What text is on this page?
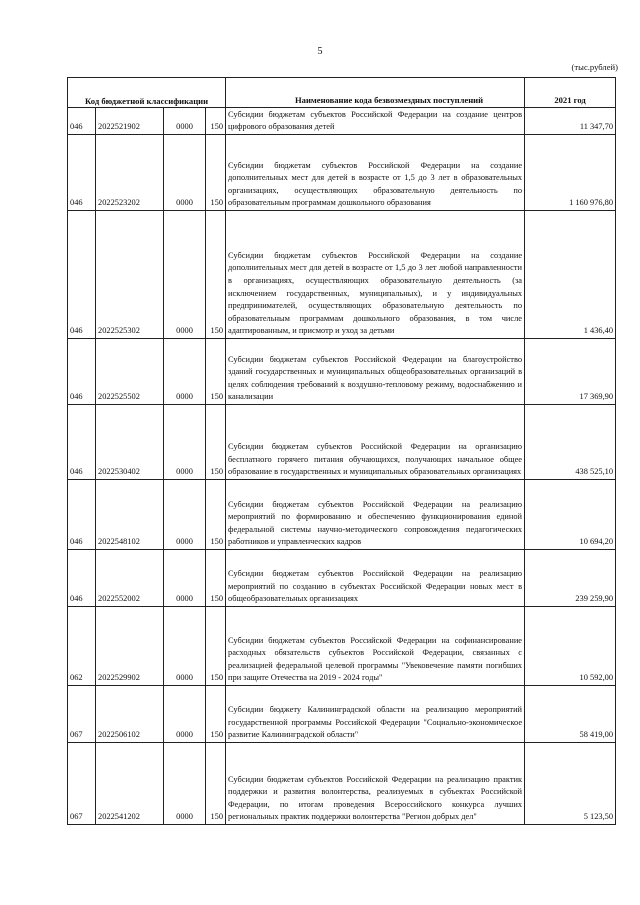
5
(тыс.рублей)
Код бюджетной классификации				Наименование кода безвозмездных поступлений	2021 год
046	2022521902	0000	150	Субсидии бюджетам субъектов Российской Федерации на создание центров цифрового образования детей	11 347,70
046	2022523202	0000	150	Субсидии бюджетам субъектов Российской Федерации на создание дополнительных мест для детей в возрасте от 1,5 до 3 лет в образовательных организациях, осуществляющих образовательную деятельность по образовательным программам дошкольного образования	1 160 976,80
046	2022525302	0000	150	Субсидии бюджетам субъектов Российской Федерации на создание дополнительных мест для детей в возрасте от 1,5 до 3 лет любой направленности в организациях, осуществляющих образовательную деятельность (за исключением государственных, муниципальных), и у индивидуальных предпринимателей, осуществляющих образовательную деятельность по образовательным программам дошкольного образования, в том числе адаптированным, и присмотр и уход за детьми	1 436,40
046	2022525502	0000	150	Субсидии бюджетам субъектов Российской Федерации на благоустройство зданий государственных и муниципальных общеобразовательных организаций в целях соблюдения требований к воздушно-тепловому режиму, водоснабжению и канализации	17 369,90
046	2022530402	0000	150	Субсидии бюджетам субъектов Российской Федерации на организацию бесплатного горячего питания обучающихся, получающих начальное общее образование в государственных и муниципальных образовательных организациях	438 525,10
046	2022548102	0000	150	Субсидии бюджетам субъектов Российской Федерации на реализацию мероприятий по формированию и обеспечению функционирования единой федеральной системы научно-методического сопровождения педагогических работников и управленческих кадров	10 694,20
046	2022552002	0000	150	Субсидии бюджетам субъектов Российской Федерации на реализацию мероприятий по созданию в субъектах Российской Федерации новых мест в общеобразовательных организациях	239 259,90
062	2022529902	0000	150	Субсидии бюджетам субъектов Российской Федерации на софинансирование расходных обязательств субъектов Российской Федерации, связанных с реализацией федеральной целевой программы "Увековечение памяти погибших при защите Отечества на 2019 - 2024 годы"	10 592,00
067	2022506102	0000	150	Субсидии бюджету Калининградской области на реализацию мероприятий государственной программы Российской Федерации "Социально-экономическое развитие Калининградской области"	58 419,00
067	2022541202	0000	150	Субсидии бюджетам субъектов Российской Федерации на реализацию практик поддержки и развития волонтерства, реализуемых в субъектах Российской Федерации, по итогам проведения Всероссийского конкурса лучших региональных практик поддержки волонтерства "Регион добрых дел"	5 123,50
